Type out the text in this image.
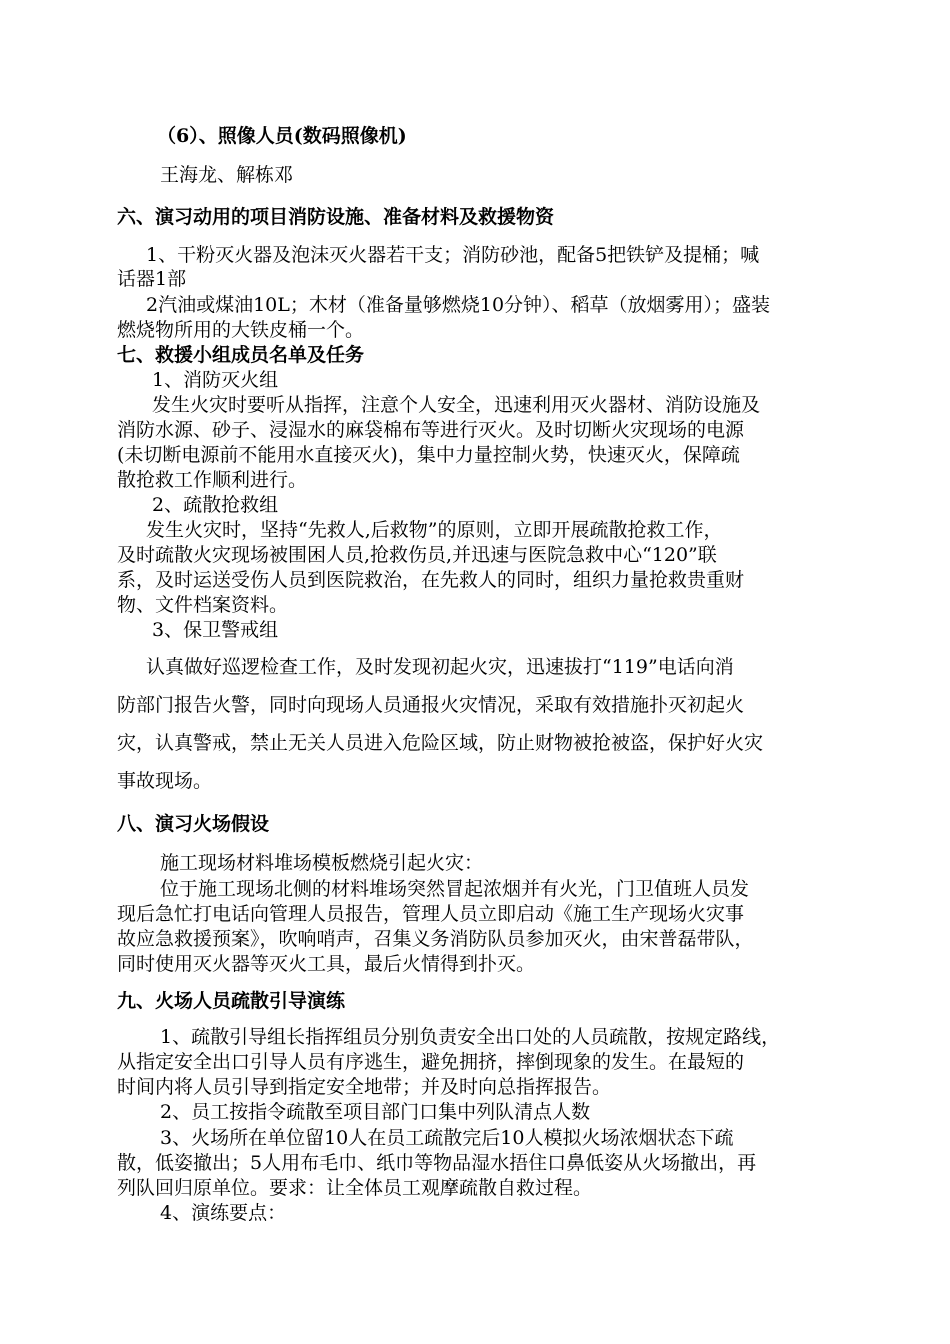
（6）、照像人员(数码照像机)
王海龙、解栋邓
六、演习动用的项目消防设施、准备材料及救援物资
1、干粉灭火器及泡沫灭火器若干支；消防砂池，配备5把铁铲及提桶；喊
话器1部
2汽油或煤油10L；木材（准备量够燃烧10分钟）、稻草（放烟雾用）；盛装
燃烧物所用的大铁皮桶一个。
七、救援小组成员名单及任务
1、消防灭火组
发生火灾时要听从指挥，注意个人安全，迅速利用灭火器材、消防设施及
消防水源、砂子、浸湿水的麻袋棉布等进行灭火。及时切断火灾现场的电源
(未切断电源前不能用水直接灭火)，集中力量控制火势，快速灭火，保障疏
散抢救工作顺利进行。
2、疏散抢救组
发生火灾时，坚持“先救人,后救物”的原则，立即开展疏散抢救工作，
及时疏散火灾现场被围困人员,抢救伤员,并迅速与医院急救中心“120”联
系，及时运送受伤人员到医院救治，在先救人的同时，组织力量抢救贵重财
物、文件档案资料。
3、保卫警戒组
认真做好巡逻检查工作，及时发现初起火灾，迅速拔打“119”电话向消
防部门报告火警，同时向现场人员通报火灾情况，采取有效措施扑灭初起火
灾，认真警戒，禁止无关人员进入危险区域，防止财物被抢被盗，保护好火灾
事故现场。
八、演习火场假设
施工现场材料堆场模板燃烧引起火灾：
位于施工现场北侧的材料堆场突然冒起浓烟并有火光，门卫值班人员发
现后急忙打电话向管理人员报告，管理人员立即启动《施工生产现场火灾事
故应急救援预案》，吹响哨声，召集义务消防队员参加灭火，由宋普磊带队，
同时使用灭火器等灭火工具，最后火情得到扑灭。
九、火场人员疏散引导演练
1、疏散引导组长指挥组员分别负责安全出口处的人员疏散，按规定路线，
从指定安全出口引导人员有序逃生，避免拥挤，摔倒现象的发生。在最短的
时间内将人员引导到指定安全地带；并及时向总指挥报告。
2、员工按指令疏散至项目部门口集中列队清点人数
3、火场所在单位留10人在员工疏散完后10人模拟火场浓烟状态下疏
散，低姿撤出；5人用布毛巾、纸巾等物品湿水捂住口鼻低姿从火场撤出，再
列队回归原单位。要求：让全体员工观摩疏散自救过程。
4、演练要点：
